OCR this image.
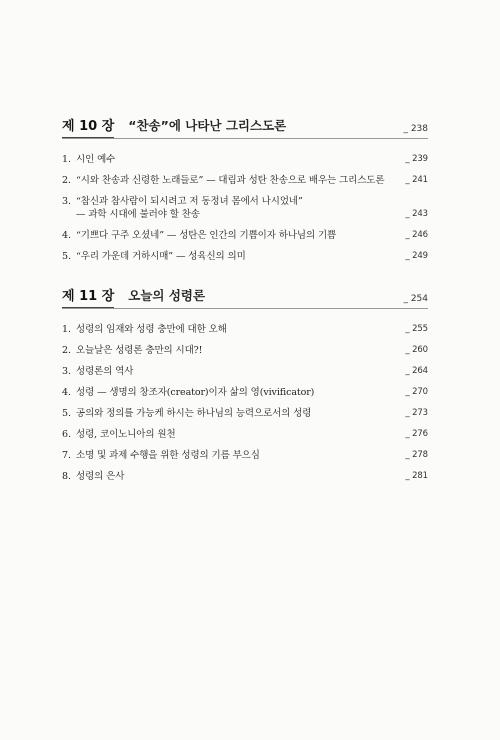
제 10 장 “찬송”에 나타난 그리스도론	_ 238
1. 시인 예수	_ 239
2. “시와 찬송과 신령한 노래들로” — 대림과 성탄 찬송으로 배우는 그리스도론	_ 241
3. “참신과 참사람이 되시려고 저 동정녀 몸에서 나시었네”
— 과학 시대에 불러야 할 찬송	_ 243
4. “기쁘다 구주 오셨네” — 성탄은 인간의 기쁨이자 하나님의 기쁨	_ 246
5. “우리 가운데 거하시매” — 성육신의 의미	_ 249
제 11 장 오늘의 성령론	_ 254
1. 성령의 임재와 성령 충만에 대한 오해	_ 255
2. 오늘날은 성령론 충만의 시대?!	_ 260
3. 성령론의 역사	_ 264
4. 성령 — 생명의 창조자(creator)이자 삶의 영(vivificator)	_ 270
5. 공의와 정의를 가능케 하시는 하나님의 능력으로서의 성령	_ 273
6. 성령, 코이노니아의 원천	_ 276
7. 소명 및 과제 수행을 위한 성령의 기름 부으심	_ 278
8. 성령의 은사	_ 281
